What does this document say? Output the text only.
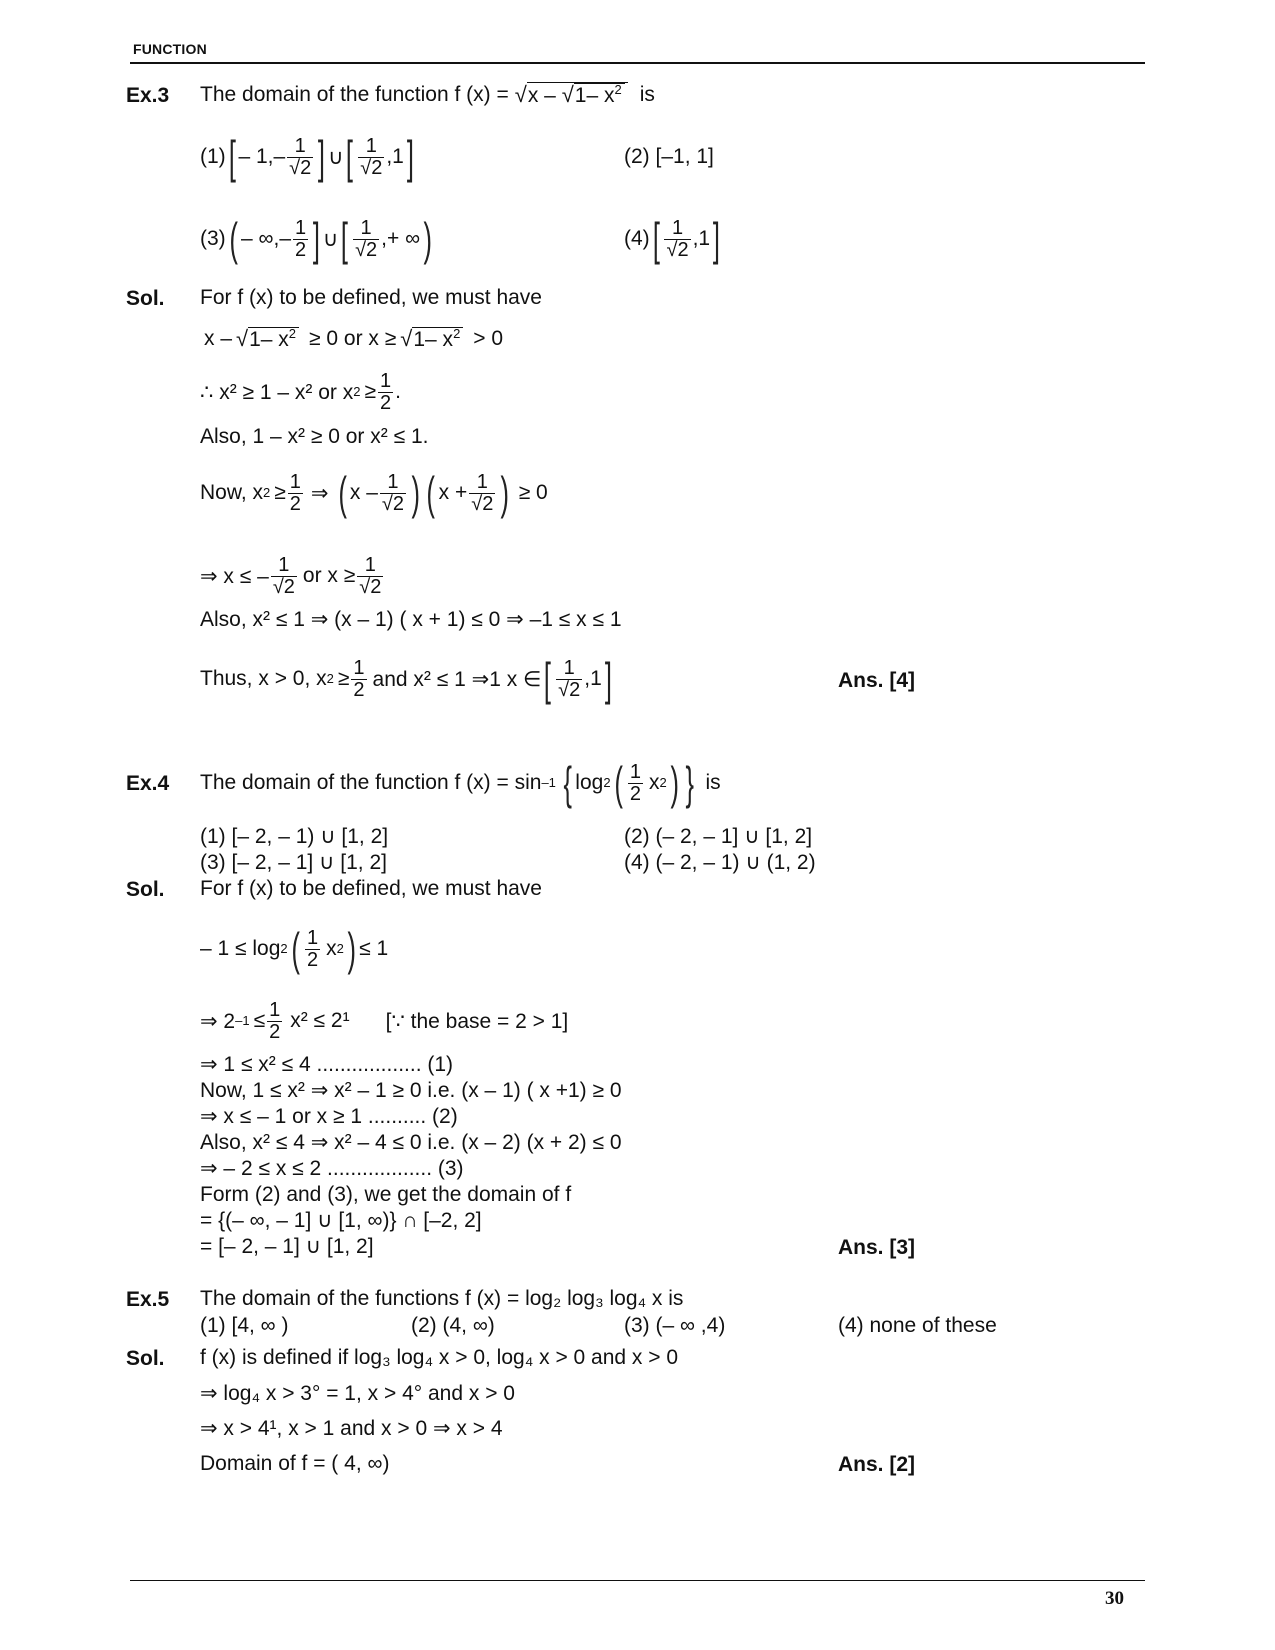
FUNCTION
Ex.3 The domain of the function f (x) = √ x – √1– $x^2$ is
(1) [ – $1,- \frac{1}{√2}$ ] ∪ [ $\frac{1}{√2} ,1$ ]	(2) [–1, 1]
(3) ( – ∞,– $\frac{1}{2}$ ] ∪ [ $\frac{1}{√2}$ ,+ ∞ )	(4) [ $\frac{1}{√2} ,1$ ]
Sol. For f (x) to be defined, we must have
x – √ 1– $x^2 \ge 0$ or x ≥ √ 1– $x^2 > 0$
∴ x² ≥ 1 – x² or x $2 \ge \frac{1}{2}$ .
Also, 1 – x² ≥ 0 or x² ≤ 1.
Now, x $2 \ge \frac{1}{2}$ ⇒ ( x – $\frac{1}{√2}$ ) ( $x + \frac{1}{√2}$ ) ≥ 0
⇒ x ≤ – $\frac{1}{√2}$ or $x \ge \frac{1}{√2}$
Also, x² ≤ 1 ⇒ (x – 1) ( x + 1) ≤ 0 ⇒ –1 ≤ x ≤ 1
Thus, x > 0, x $2 \ge \frac{1}{2}$ and x² ≤ 1 ⇒1 x ∈ [ $\frac{1}{√2} ,1$ ]	Ans. [4]
Ex.4 The domain of the function f (x) = sin –1 { log 2 ( $\frac{1}{2}$ x 2 ) } is
(1) [– 2, – 1) ∪ [1, 2]	(2) (– 2, – 1] ∪ [1, 2]
(3) [– 2, – 1] ∪ [1, 2]	(4) (– 2, – 1) ∪ (1, 2)
Sol. For f (x) to be defined, we must have
– 1 ≤ log 2 ( $\frac{1}{2}$ x 2 ) ≤ 1
⇒ 2 $-1 \le \frac{1}{2} x^2 \le 2^1$ [∵ the base = 2 > 1]
⇒ 1 ≤ x² ≤ 4 .................. (1)
Now, 1 ≤ x² ⇒ x² – 1 ≥ 0 i.e. (x – 1) ( x +1) ≥ 0
⇒ x ≤ – 1 or x ≥ 1 .......... (2)
Also, x² ≤ 4 ⇒ x² – 4 ≤ 0 i.e. (x – 2) (x + 2) ≤ 0
⇒ – 2 ≤ x ≤ 2 .................. (3)
Form (2) and (3), we get the domain of f
= {(– ∞, – 1] ∪ [1, ∞)} ∩ [–2, 2]
= [– 2, – 1] ∪ [1, 2]	Ans. [3]
Ex.5 The domain of the functions f (x) = log₂ log₃ log₄ x is
(1) [4, ∞ )	(2) (4, ∞)	(3) (– ∞ ,4)	(4) none of these
Sol. f (x) is defined if log₃ log₄ x > 0, log₄ x > 0 and x > 0
⇒ log₄ x > 3° = 1, x > 4° and x > 0
⇒ x > 4¹, x > 1 and x > 0 ⇒ x > 4
Domain of f = ( 4, ∞)	Ans. [2]
30
